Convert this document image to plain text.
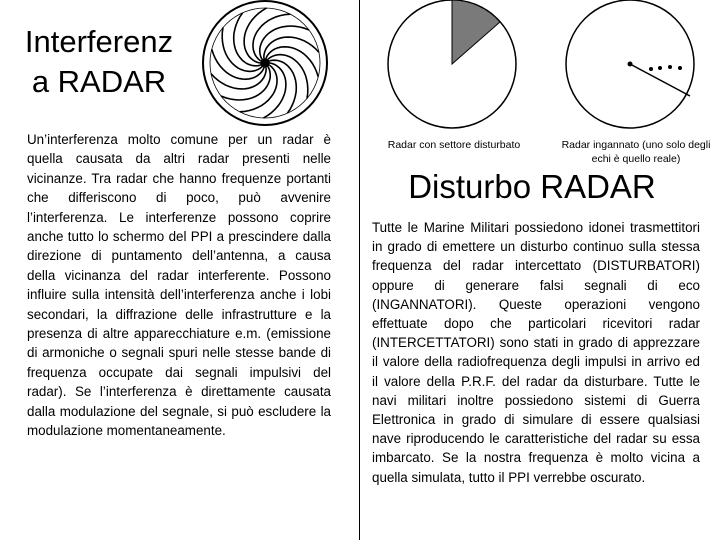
Interferenz
a RADAR
Un’interferenza molto comune per un radar è quella causata da altri radar presenti nelle vicinanze. Tra radar che hanno frequenze portanti che differiscono di poco, può avvenire l’interferenza. Le interferenze possono coprire anche tutto lo schermo del PPI a prescindere dalla direzione di puntamento dell’antenna, a causa della vicinanza del radar interferente. Possono influire sulla intensità dell’interferenza anche i lobi secondari, la diffrazione delle infrastrutture e la presenza di altre apparecchiature e.m. (emissione di armoniche o segnali spuri nelle stesse bande di frequenza occupate dai segnali impulsivi del radar). Se l’interferenza è direttamente causata dalla modulazione del segnale, si può escludere la modulazione momentaneamente.
Radar con settore disturbato	Radar ingannato (uno solo degli echi è quello reale)
Disturbo RADAR
Tutte le Marine Militari possiedono idonei trasmettitori in grado di emettere un disturbo continuo sulla stessa frequenza del radar intercettato (DISTURBATORI) oppure di generare falsi segnali di eco (INGANNATORI). Queste operazioni vengono effettuate dopo che particolari ricevitori radar (INTERCETTATORI) sono stati in grado di apprezzare il valore della radiofrequenza degli impulsi in arrivo ed il valore della P.R.F. del radar da disturbare. Tutte le navi militari inoltre possiedono sistemi di Guerra Elettronica in grado di simulare di essere qualsiasi nave riproducendo le caratteristiche del radar su essa imbarcato. Se la nostra frequenza è molto vicina a quella simulata, tutto il PPI verrebbe oscurato.
